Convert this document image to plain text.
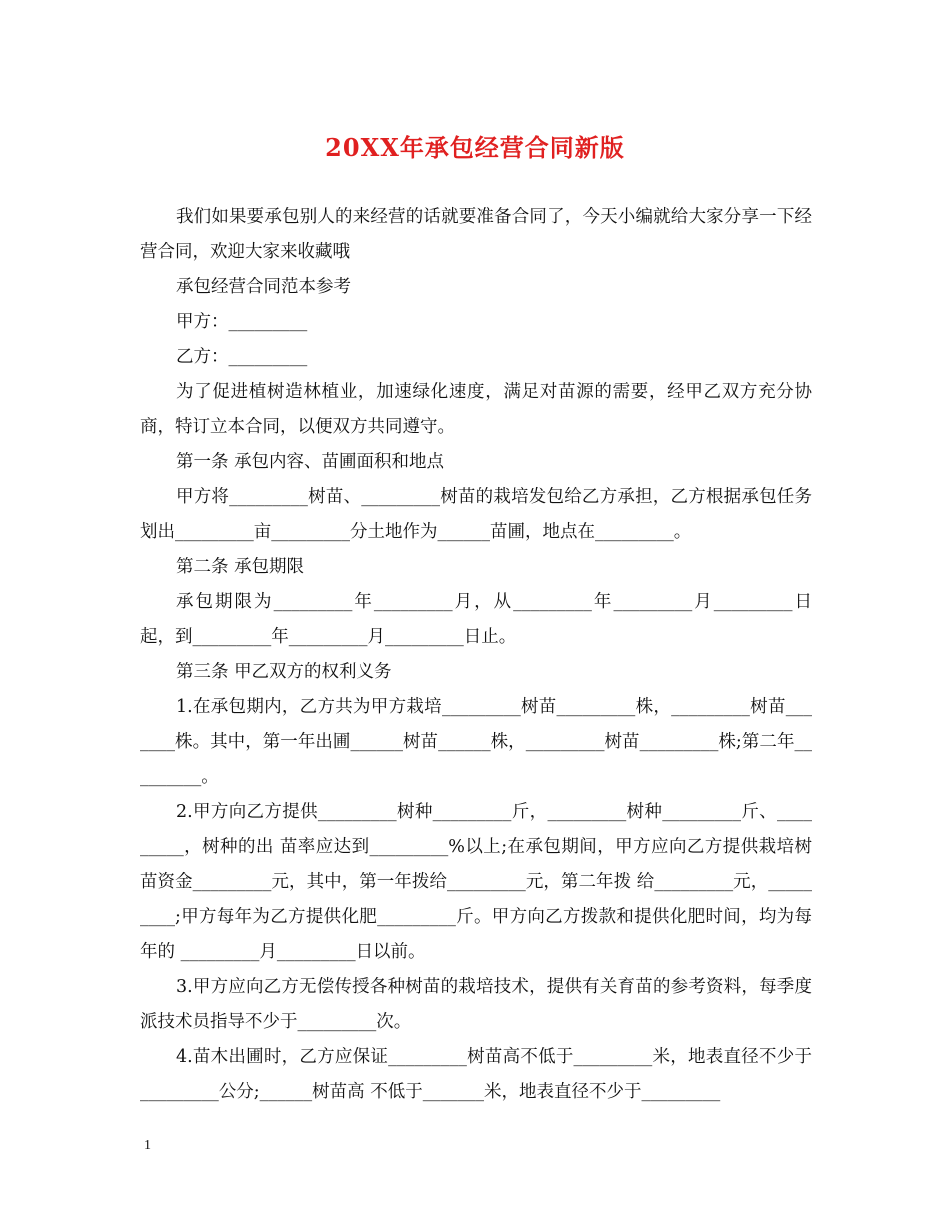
20XX年承包经营合同新版

我们如果要承包别人的来经营的话就要准备合同了，今天小编就给大家分享一下经营合同，欢迎大家来收藏哦

承包经营合同范本参考

甲方：_________

乙方：_________

为了促进植树造林植业，加速绿化速度，满足对苗源的需要，经甲乙双方充分协商，特订立本合同，以便双方共同遵守。

第一条 承包内容、苗圃面积和地点

甲方将_________树苗、_________树苗的栽培发包给乙方承担，乙方根据承包任务划出_________亩_________分土地作为______苗圃，地点在_________。

第二条 承包期限

承包期限为_________年_________月，从_________年_________月_________日起，到_________年_________月_________日止。

第三条 甲乙双方的权利义务

1.在承包期内，乙方共为甲方栽培_________树苗_________株，_________树苗_______株。其中，第一年出圃______树苗______株，_________树苗_________株;第二年_________。

2.甲方向乙方提供_________树种_________斤，_________树种_________斤、_________，树种的出 苗率应达到_________%以上;在承包期间，甲方应向乙方提供栽培树苗资金_________元，其中，第一年拨给_________元，第二年拨 给_________元，_________;甲方每年为乙方提供化肥_________斤。甲方向乙方拨款和提供化肥时间，均为每年的 _________月_________日以前。

3.甲方应向乙方无偿传授各种树苗的栽培技术，提供有关育苗的参考资料，每季度派技术员指导不少于_________次。

4.苗木出圃时，乙方应保证_________树苗高不低于_________米，地表直径不少于_________公分;______树苗高 不低于_______米，地表直径不少于_________

1
